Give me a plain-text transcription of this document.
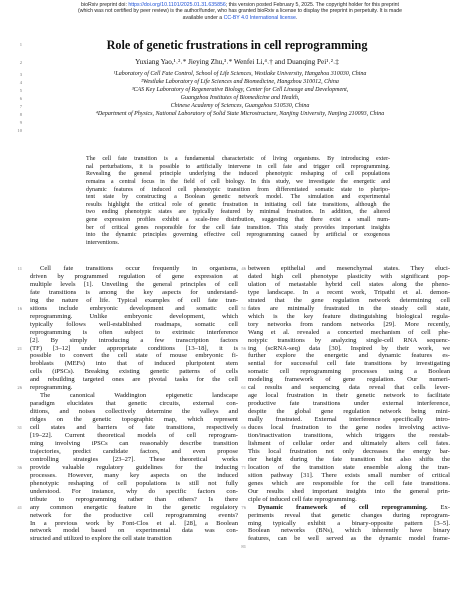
bioRxiv preprint doi: https://doi.org/10.1101/2025.01.31.635856; this version posted February 5, 2025. The copyright holder for this preprint
(which was not certified by peer review) is the author/funder, who has granted bioRxiv a license to display the preprint in perpetuity. It is made
available under a CC-BY 4.0 International license.
Role of genetic frustrations in cell reprogramming
Yuxiang Yao,¹˒²˒* Jieying Zhu,³˒* Wenfei Li,⁴˒† and Duanqing Pei¹˒²˒‡
¹Laboratory of Cell Fate Control, School of Life Sciences, Westlake University, Hangzhou 310030, China
²Westlake Laboratory of Life Sciences and Biomedicine, Hangzhou 310012, China
³CAS Key Laboratory of Regenerative Biology, Center for Cell Lineage and Development,
Guangzhou Institutes of Biomedicine and Health,
Chinese Academy of Sciences, Guangzhou 510530, China
⁴Department of Physics, National Laboratory of Solid State Microstructure, Nanjing University, Nanjing 210093, China
The cell fate transition is a fundamental characteristic of living organisms. By introducing exter-
nal perturbations, it is possible to artificially intervene in cell fate and trigger cell reprogramming.
Revealing the general principle underlying the induced phenotypic reshaping of cell populations
remains a central focus in the field of cell biology. In this study, we investigate the energetic and
dynamic features of induced cell phenotypic transition from differentiated somatic state to pluripo-
tent state by constructing a Boolean genetic network model. The simulation and experimental
results highlight the critical role of genetic frustration in initiating cell fate transitions, although the
two ending phenotypic states are typically featured by minimal frustration. In addition, the altered
gene expression profiles exhibit a scale-free distribution, suggesting that there exist a small num-
ber of critical genes responsible for the cell fate transition. This study provides important insights
into the dynamic principles governing effective cell reprogramming caused by artificial or exogenous
interventions.
Cell fate transitions occur frequently in organisms,
driven by programmed regulation of gene expression at
multiple levels [1]. Unveiling the general principles of cell
fate transitions is among the key aspects for understand-
ing the nature of life. Typical examples of cell fate tran-
sitions include embryonic development and somatic cell
reprogramming. Unlike embryonic development, which
typically follows well-established roadmaps, somatic cell
reprogramming is often subject to extrinsic interference
[2]. By simply introducing a few transcription factors
(TF) [3–12] under appropriate conditions [13–18], it is
possible to convert the cell state of mouse embryonic fi-
broblasts (MEFs) into that of induced pluripotent stem
cells (iPSCs). Breaking existing genetic patterns of cells
and rebuilding targeted ones are pivotal tasks for the cell
reprogramming.
The canonical Waddington epigenetic landscape
paradigm elucidates that genetic circuits, external con-
ditions, and noises collectively determine the valleys and
ridges on the genetic topographic map, which represent
cell states and barriers of fate transitions, respectively
[19–22]. Current theoretical models of cell reprogram-
ming involving iPSCs can reasonably describe transition
trajectories, predict candidate factors, and even propose
controlling strategies [23–27]. These theoretical works
provide valuable regulatory guidelines for the inducing
processes. However, many key aspects on the induced
phenotypic reshaping of cell populations is still not fully
understood. For instance, why do specific factors con-
tribute to reprogramming rather than others? Is there
any common energetic feature in the genetic regulatory
network for the productive cell reprogramming events?
In a previous work by Font-Clos et al. [28], a Boolean
network model based on experimental data was con-
structed and utilized to explore the cell state transition
between epithelial and mesenchymal states. They eluci-
dated high cell phenotype plasticity with significant pop-
ulation of metastable hybrid cell states along the pheno-
type landscape. In a recent work, Tripathi et al. demon-
strated that the gene regulation network determining cell
fates are minimally frustrated in the steady cell state,
which is the key feature distinguishing biological regula-
tory networks from random networks [29]. More recently,
Wang et al. revealed a concerted mechanism of cell phe-
notypic transitions by analyzing single-cell RNA sequenc-
ing (scRNA-seq) data [30]. Inspired by their work, we
further explore the energetic and dynamic features es-
sential for successful cell fate transitions by investigating
somatic cell reprogramming processes using a Boolean
modeling framework of gene regulation. Our numeri-
cal results and sequencing data reveal that cells lever-
age local frustration in their genetic network to facilitate
productive fate transitions under external interference,
despite the global gene regulation network being mini-
mally frustrated. External interference specifically intro-
duces local frustration to the gene nodes involving activa-
tion/inactivation transitions, which triggers the reestab-
lishment of cellular order and ultimately alters cell fates.
This local frustration not only decreases the energy bar-
rier height during the fate transition but also shifts the
location of the transition state ensemble along the tran-
sition pathway [31]. There exists small number of critical
genes which are responsible for the cell fate transitions.
Our results shed important insights into the general prin-
ciple of induced cell fate reprogramming.
Dynamic framework of cell reprogramming. Ex-
periments reveal that genetic changes during reprogram-
ming typically exhibit a binary-opposite pattern [3–5].
Boolean networks (BNs), which inherently have binary
features, can be well served as the dynamic model frame-
1
2
3
4
5
6
7
8
9
10
11
16
21
26
31
36
41
46
51
56
61
66
71
76
81
